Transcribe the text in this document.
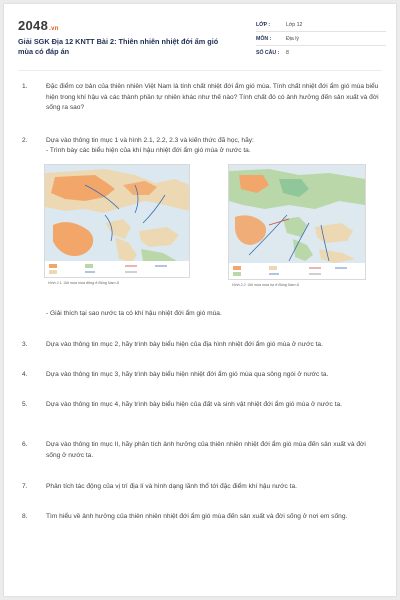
2048.vn
Giải SGK Địa 12 KNTT Bài 2: Thiên nhiên nhiệt đới ẩm gió mùa có đáp án
LỚP :	Lớp 12
MÔN :	Địa lý
SỐ CÂU :	8
1.	Đặc điểm cơ bản của thiên nhiên Việt Nam là tính chất nhiệt đới ẩm gió mùa. Tính chất nhiệt đới ẩm gió mùa biểu hiện trong khí hậu và các thành phần tự nhiên khác như thế nào? Tính chất đó có ảnh hưởng đến sản xuất và đời sống ra sao?
2.	Dựa vào thông tin mục 1 và hình 2.1, 2.2, 2.3 và kiến thức đã học, hãy:
- Trình bày các biểu hiện của khí hậu nhiệt đới ẩm gió mùa ở nước ta.
Hình 2.1. Gió mùa mùa đông ở Đông Nam Á	Hình 2.2. Gió mùa mùa hạ ở Đông Nam Á
- Giải thích tại sao nước ta có khí hậu nhiệt đới ẩm gió mùa.
3.	Dựa vào thông tin mục 2, hãy trình bày biểu hiện của địa hình nhiệt đới ẩm gió mùa ở nước ta.
4.	Dựa vào thông tin mục 3, hãy trình bày biểu hiện nhiệt đới ẩm gió mùa qua sông ngòi ở nước ta.
5.	Dựa vào thông tin mục 4, hãy trình bày biểu hiện của đất và sinh vật nhiệt đới ẩm gió mùa ở nước ta.
6.	Dựa vào thông tin mục II, hãy phân tích ảnh hưởng của thiên nhiên nhiệt đới ẩm gió mùa đến sản xuất và đời sống ở nước ta.
7.	Phân tích tác động của vị trí địa lí và hình dạng lãnh thổ tới đặc điểm khí hậu nước ta.
8.	Tìm hiểu về ảnh hưởng của thiên nhiên nhiệt đới ẩm gió mùa đến sản xuất và đời sống ở nơi em sống.
